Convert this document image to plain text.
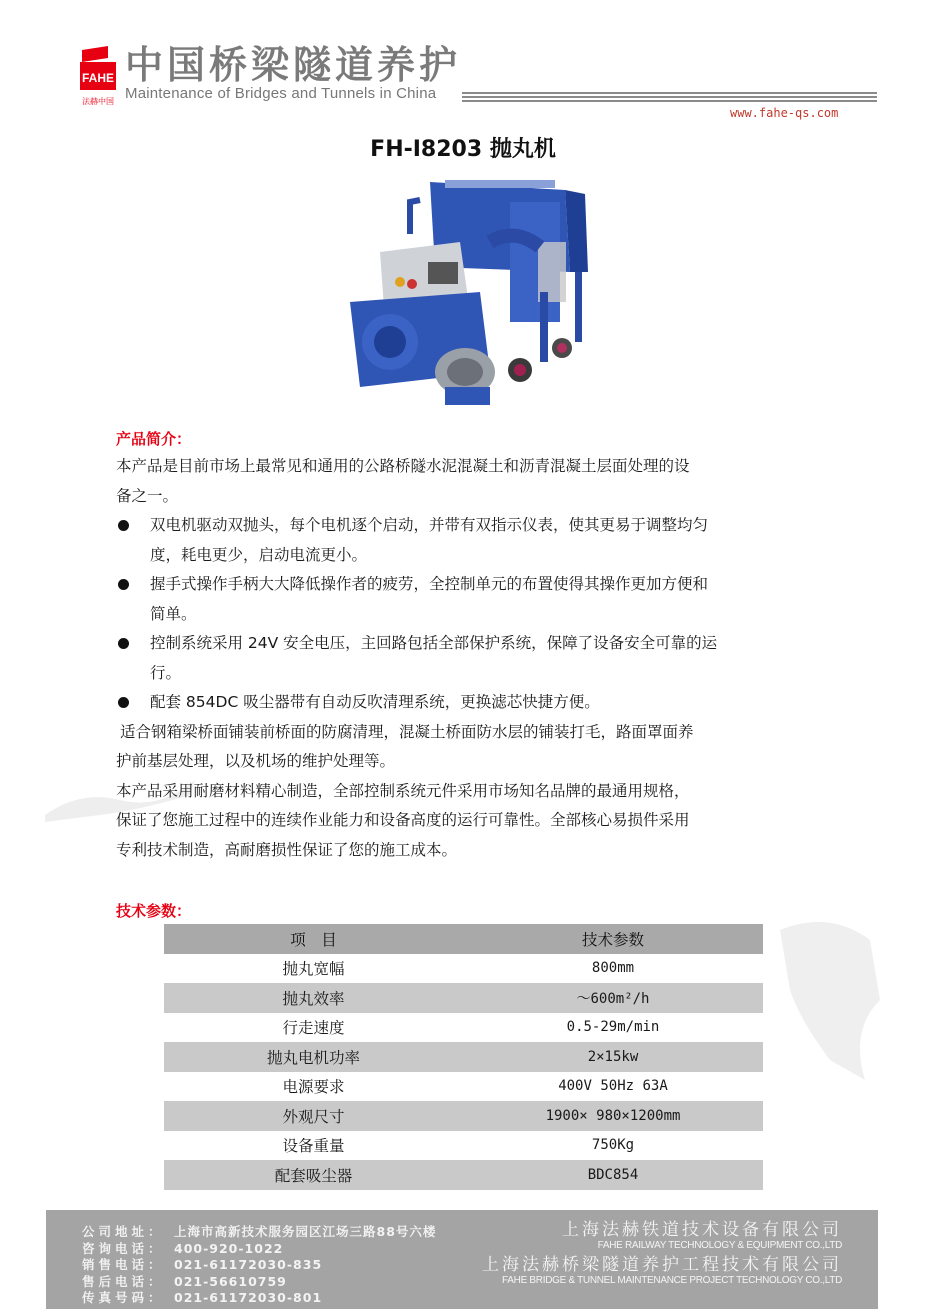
FAHE
法赫中国
中国桥梁隧道养护
Maintenance of Bridges and Tunnels in China
www.fahe-qs.com
FH-I8203 抛丸机
产品简介：

本产品是目前市场上最常见和通用的公路桥隧水泥混凝土和沥青混凝土层面处理的设

备之一。

双电机驱动双抛头，每个电机逐个启动，并带有双指示仪表，使其更易于调整均匀

度，耗电更少，启动电流更小。

握手式操作手柄大大降低操作者的疲劳，全控制单元的布置使得其操作更加方便和

简单。

控制系统采用 24V 安全电压，主回路包括全部保护系统，保障了设备安全可靠的运

行。

配套 854DC 吸尘器带有自动反吹清理系统，更换滤芯快捷方便。

适合钢箱梁桥面铺装前桥面的防腐清理，混凝土桥面防水层的铺装打毛，路面罩面养

护前基层处理，以及机场的维护处理等。

本产品采用耐磨材料精心制造，全部控制系统元件采用市场知名品牌的最通用规格，

保证了您施工过程中的连续作业能力和设备高度的运行可靠性。全部核心易损件采用

专利技术制造，高耐磨损性保证了您的施工成本。

技术参数：
项　目	技术参数
抛丸宽幅	800mm
抛丸效率	～600m²/h
行走速度	0.5-29m/min
抛丸电机功率	2×15kw
电源要求	400V 50Hz 63A
外观尺寸	1900× 980×1200mm
设备重量	750Kg
配套吸尘器	BDC854
公司地址： 上海市高新技术服务园区江场三路88号六楼
咨询电话： 400-920-1022
销售电话： 021-61172030-835
售后电话： 021-56610759
传真号码： 021-61172030-801
上海法赫铁道技术设备有限公司
FAHE RAILWAY TECHNOLOGY & EQUIPMENT CO.,LTD
上海法赫桥梁隧道养护工程技术有限公司
FAHE BRIDGE & TUNNEL MAINTENANCE PROJECT TECHNOLOGY CO.,LTD
